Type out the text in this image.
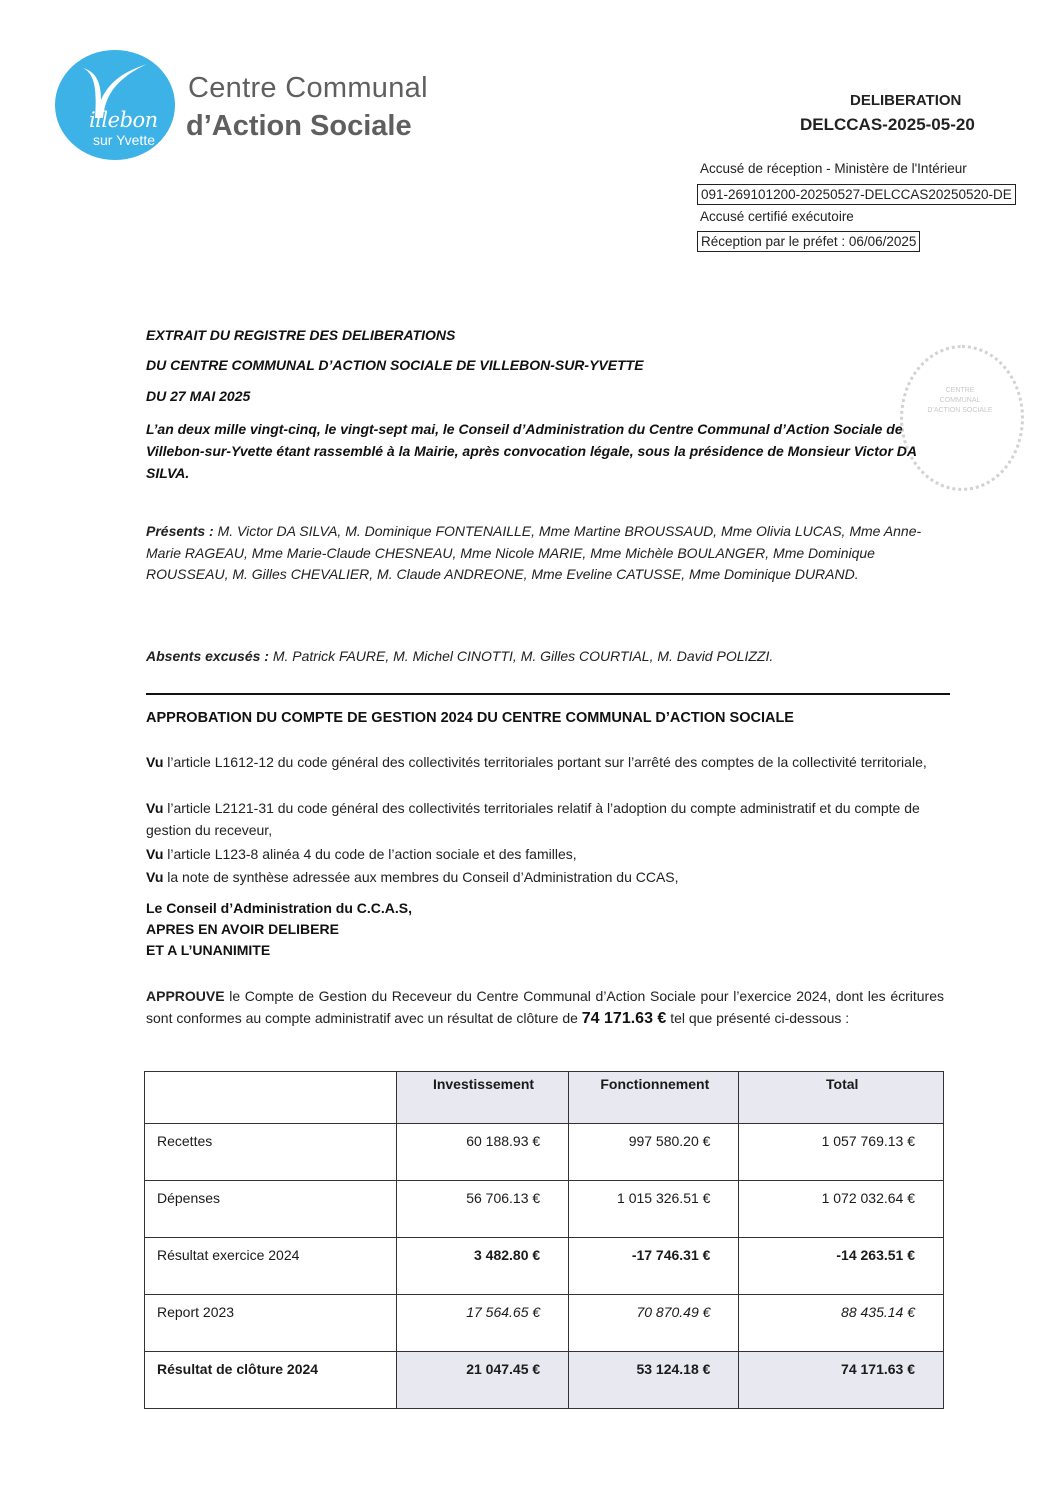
illebon
sur Yvette
Centre Communal
d’Action Sociale
DELIBERATION
DELCCAS-2025-05-20
Accusé de réception - Ministère de l'Intérieur
091-269101200-20250527-DELCCAS20250520-DE
Accusé certifié exécutoire
Réception par le préfet : 06/06/2025
CENTRE COMMUNAL D'ACTION SOCIALE
EXTRAIT DU REGISTRE DES DELIBERATIONS
DU CENTRE COMMUNAL D’ACTION SOCIALE DE VILLEBON-SUR-YVETTE
DU 27 MAI 2025
L’an deux mille vingt-cinq, le vingt-sept mai, le Conseil d’Administration du Centre Communal d’Action Sociale de Villebon-sur-Yvette étant rassemblé à la Mairie, après convocation légale, sous la présidence de Monsieur Victor DA SILVA.
Présents : M. Victor DA SILVA, M. Dominique FONTENAILLE, Mme Martine BROUSSAUD, Mme Olivia LUCAS, Mme Anne-Marie RAGEAU, Mme Marie-Claude CHESNEAU, Mme Nicole MARIE, Mme Michèle BOULANGER, Mme Dominique ROUSSEAU, M. Gilles CHEVALIER, M. Claude ANDREONE, Mme Eveline CATUSSE, Mme Dominique DURAND.
Absents excusés : M. Patrick FAURE, M. Michel CINOTTI, M. Gilles COURTIAL, M. David POLIZZI.
APPROBATION DU COMPTE DE GESTION 2024 DU CENTRE COMMUNAL D’ACTION SOCIALE
Vu l’article L1612-12 du code général des collectivités territoriales portant sur l’arrêté des comptes de la collectivité territoriale,
Vu l’article L2121-31 du code général des collectivités territoriales relatif à l’adoption du compte administratif et du compte de gestion du receveur,
Vu l’article L123-8 alinéa 4 du code de l’action sociale et des familles,
Vu la note de synthèse adressée aux membres du Conseil d’Administration du CCAS,
Le Conseil d’Administration du C.C.A.S,
APRES EN AVOIR DELIBERE
ET A L’UNANIMITE
APPROUVE le Compte de Gestion du Receveur du Centre Communal d’Action Sociale pour l’exercice 2024, dont les écritures sont conformes au compte administratif avec un résultat de clôture de 74 171.63 € tel que présenté ci-dessous :
	Investissement	Fonctionnement	Total
Recettes	60 188.93 €	997 580.20 €	1 057 769.13 €
Dépenses	56 706.13 €	1 015 326.51 €	1 072 032.64 €
Résultat exercice 2024	3 482.80 €	-17 746.31 €	-14 263.51 €
Report 2023	17 564.65 €	70 870.49 €	88 435.14 €
Résultat de clôture 2024	21 047.45 €	53 124.18 €	74 171.63 €
